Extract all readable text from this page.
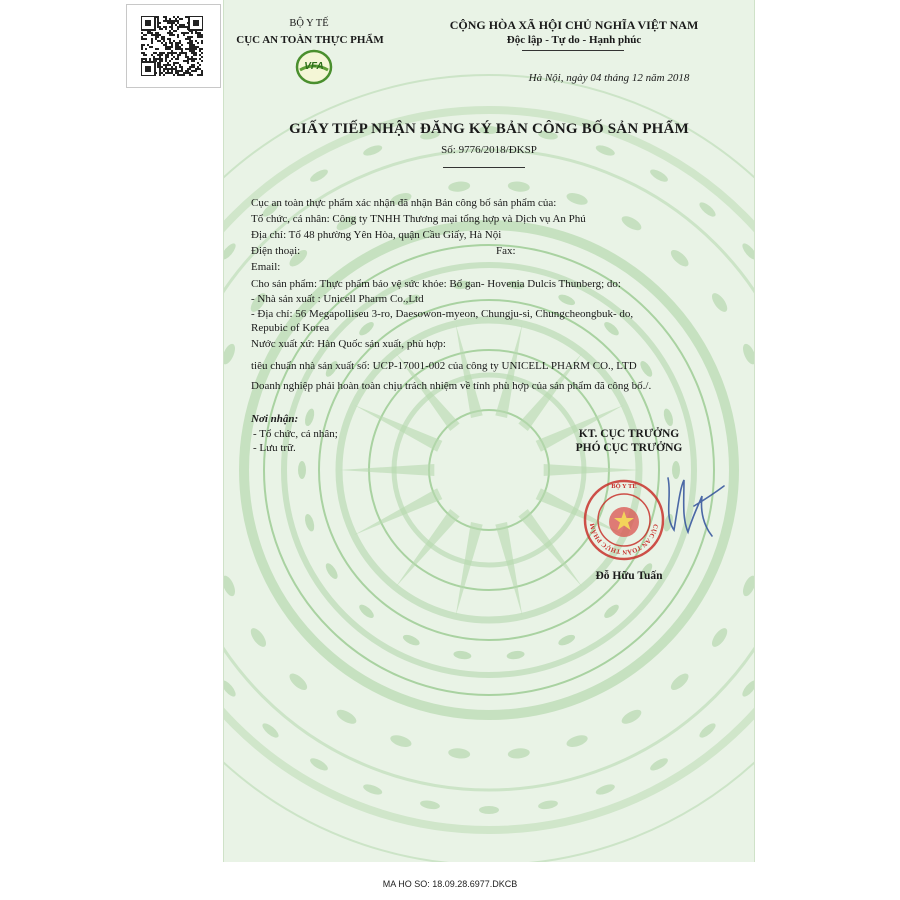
BỘ Y TẾ
CỤC AN TOÀN THỰC PHẨM
VFA
CỘNG HÒA XÃ HỘI CHỦ NGHĨA VIỆT NAM
Độc lập - Tự do - Hạnh phúc
Hà Nội, ngày 04 tháng 12 năm 2018
GIẤY TIẾP NHẬN ĐĂNG KÝ BẢN CÔNG BỐ SẢN PHẨM
Số: 9776/2018/ĐKSP
Cục an toàn thực phẩm xác nhận đã nhận Bản công bố sản phẩm của:
Tổ chức, cá nhân: Công ty TNHH Thương mại tổng hợp và Dịch vụ An Phú
Địa chỉ: Tổ 48 phường Yên Hòa, quận Cầu Giấy, Hà Nội
Điện thoại:	Fax:
Email:
Cho sản phẩm: Thực phẩm bảo vệ sức khỏe: Bổ gan- Hovenia Dulcis Thunberg; do:
- Nhà sản xuất : Unicell Pharm Co.,Ltd
- Địa chỉ: 56 Megapolliseu 3-ro, Daesowon-myeon, Chungju-si, Chungcheongbuk- do,
Repubic of Korea
Nước xuất xứ: Hàn Quốc sản xuất, phù hợp:
tiêu chuẩn nhà sản xuất số: UCP-17001-002 của công ty UNICELL PHARM CO., LTD
Doanh nghiệp phải hoàn toàn chịu trách nhiệm về tính phù hợp của sản phẩm đã công bố./.
Nơi nhận:
- Tổ chức, cá nhân;
- Lưu trữ.
KT. CỤC TRƯỞNG
PHÓ CỤC TRƯỞNG
CỤC AN TOÀN THỰC PHẨM
BỘ Y TẾ
Đỗ Hữu Tuấn
MA HO SO: 18.09.28.6977.DKCB
